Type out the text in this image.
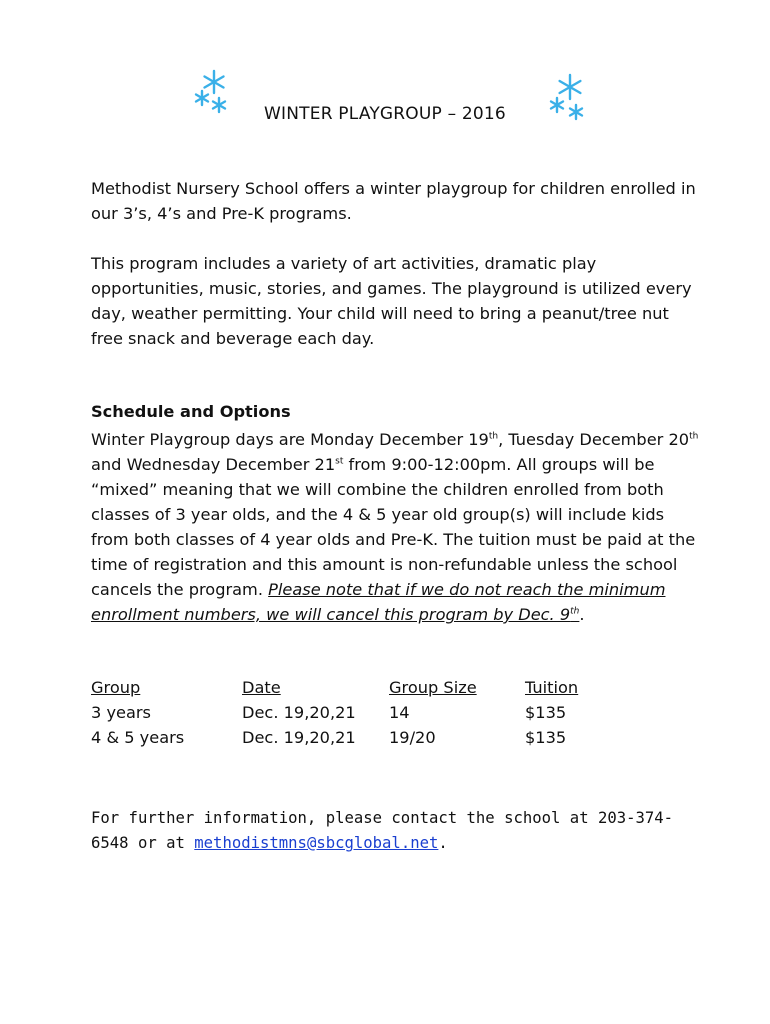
WINTER PLAYGROUP – 2016

Methodist Nursery School offers a winter playgroup for children enrolled in our 3’s, 4’s and Pre-K programs.

This program includes a variety of art activities, dramatic play opportunities, music, stories, and games. The playground is utilized every day, weather permitting. Your child will need to bring a peanut/tree nut free snack and beverage each day.

Schedule and Options

Winter Playgroup days are Monday December 19th, Tuesday December 20th and Wednesday December 21st from 9:00-12:00pm. All groups will be “mixed” meaning that we will combine the children enrolled from both classes of 3 year olds, and the 4 & 5 year old group(s) will include kids from both classes of 4 year olds and Pre-K. The tuition must be paid at the time of registration and this amount is non-refundable unless the school cancels the program. Please note that if we do not reach the minimum enrollment numbers, we will cancel this program by Dec. 9th.

Group	Date	Group Size	Tuition
3 years	Dec. 19,20,21 14	$135
4 & 5 years	Dec. 19,20,21 19/20	$135

For further information, please contact the school at 203-374-6548 or at methodistmns@sbcglobal.net.
